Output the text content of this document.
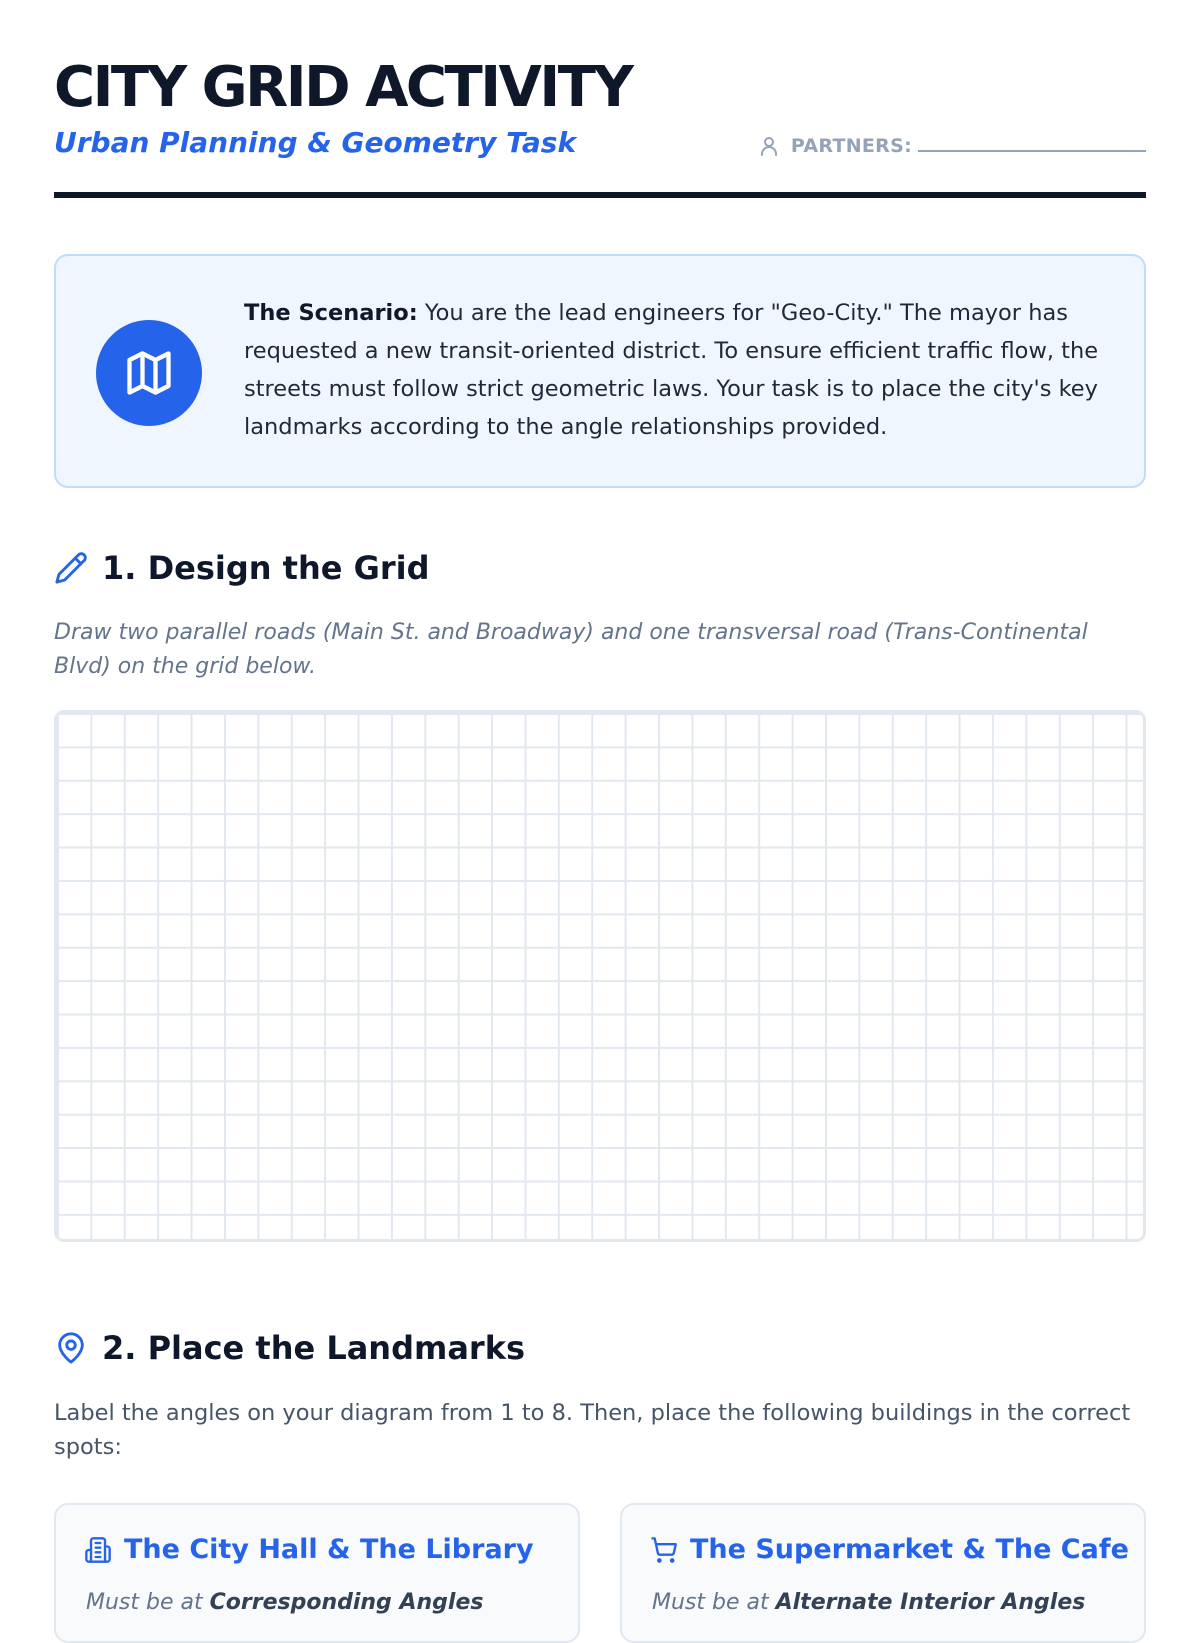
CITY GRID ACTIVITY
Urban Planning & Geometry Task	PARTNERS:

The Scenario: You are the lead engineers for "Geo-City." The mayor has requested a new transit-oriented district. To ensure efficient traffic flow, the streets must follow strict geometric laws. Your task is to place the city's key landmarks according to the angle relationships provided.

1. Design the Grid
Draw two parallel roads (Main St. and Broadway) and one transversal road (Trans-Continental Blvd) on the grid below.
2. Place the Landmarks
Label the angles on your diagram from 1 to 8. Then, place the following buildings in the correct spots:
The City Hall & The Library
Must be at Corresponding Angles
The Supermarket & The Cafe
Must be at Alternate Interior Angles
